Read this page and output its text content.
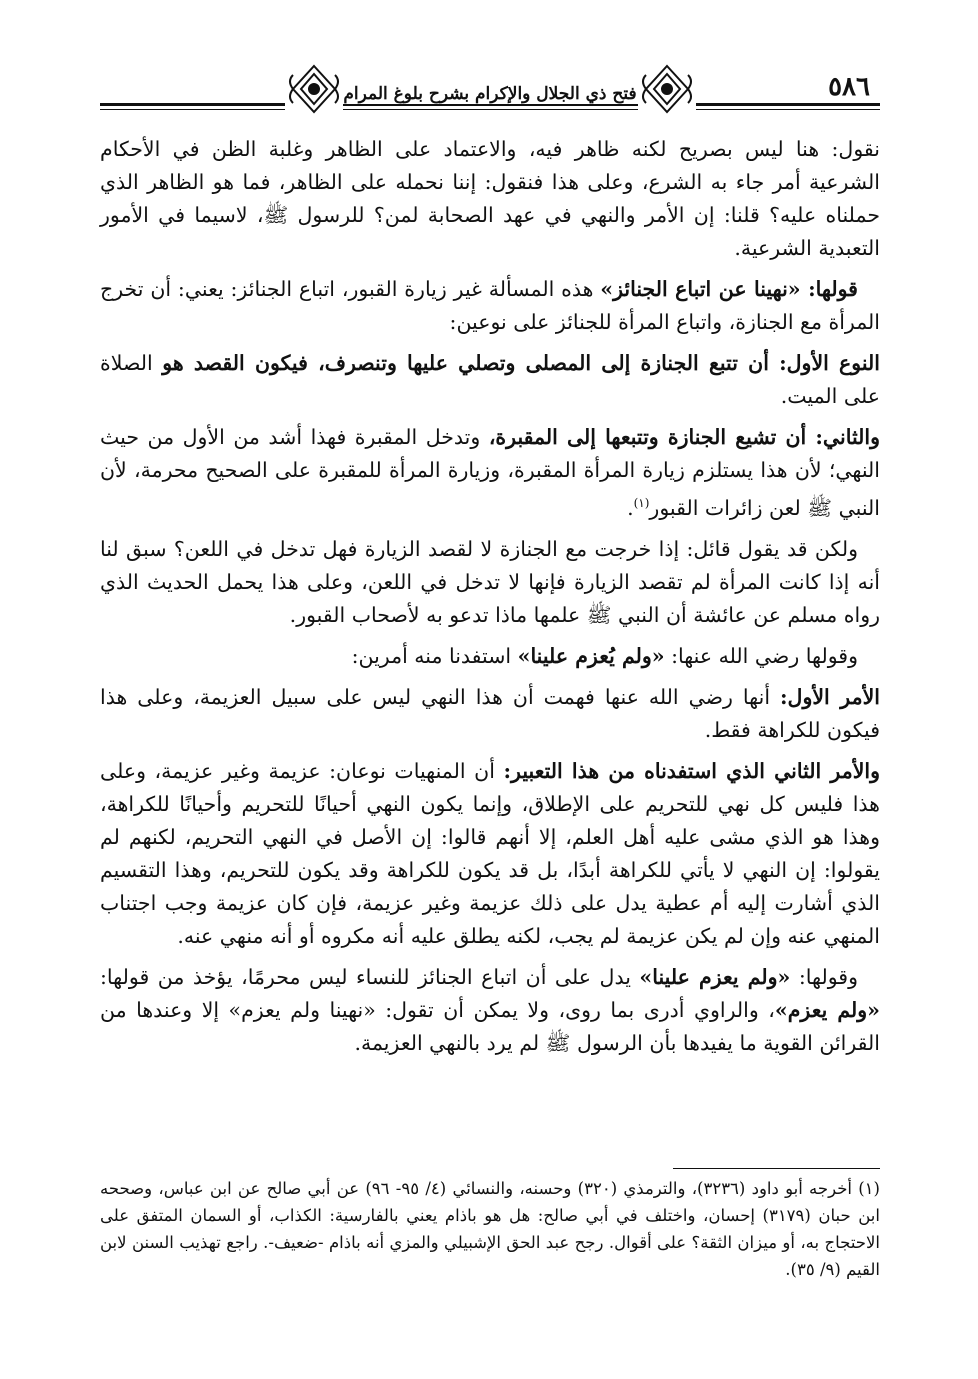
فتح ذي الجلال والإكرام بشرح بلوغ المرام	٥٨٦

نقول: هنا ليس بصريح لكنه ظاهر فيه، والاعتماد على الظاهر وغلبة الظن في الأحكام الشرعية أمر جاء به الشرع، وعلى هذا فنقول: إننا نحمله على الظاهر، فما هو الظاهر الذي حملناه عليه؟ قلنا: إن الأمر والنهي في عهد الصحابة لمن؟ للرسول ﷺ، لاسيما في الأمور التعبدية الشرعية.

قولها: «نهينا عن اتباع الجنائز» هذه المسألة غير زيارة القبور، اتباع الجنائز: يعني: أن تخرج المرأة مع الجنازة، واتباع المرأة للجنائز على نوعين:

النوع الأول: أن تتبع الجنازة إلى المصلى وتصلي عليها وتنصرف، فيكون القصد هو الصلاة على الميت.

والثاني: أن تشيع الجنازة وتتبعها إلى المقبرة، وتدخل المقبرة فهذا أشد من الأول من حيث النهي؛ لأن هذا يستلزم زيارة المرأة المقبرة، وزيارة المرأة للمقبرة على الصحيح محرمة، لأن النبي ﷺ لعن زائرات القبور$^{(١)}$.

ولكن قد يقول قائل: إذا خرجت مع الجنازة لا لقصد الزيارة فهل تدخل في اللعن؟ سبق لنا أنه إذا كانت المرأة لم تقصد الزيارة فإنها لا تدخل في اللعن، وعلى هذا يحمل الحديث الذي رواه مسلم عن عائشة أن النبي ﷺ علمها ماذا تدعو به لأصحاب القبور.

وقولها رضي الله عنها: «ولم يُعزم علينا» استفدنا منه أمرين:

الأمر الأول: أنها رضي الله عنها فهمت أن هذا النهي ليس على سبيل العزيمة، وعلى هذا فيكون للكراهة فقط.

والأمر الثاني الذي استفدناه من هذا التعبير: أن المنهيات نوعان: عزيمة وغير عزيمة، وعلى هذا فليس كل نهي للتحريم على الإطلاق، وإنما يكون النهي أحيانًا للتحريم وأحيانًا للكراهة، وهذا هو الذي مشى عليه أهل العلم، إلا أنهم قالوا: إن الأصل في النهي التحريم، لكنهم لم يقولوا: إن النهي لا يأتي للكراهة أبدًا، بل قد يكون للكراهة وقد يكون للتحريم، وهذا التقسيم الذي أشارت إليه أم عطية يدل على ذلك عزيمة وغير عزيمة، فإن كان عزيمة وجب اجتناب المنهي عنه وإن لم يكن عزيمة لم يجب، لكنه يطلق عليه أنه مكروه أو أنه منهي عنه.

وقولها: «ولم يعزم علينا» يدل على أن اتباع الجنائز للنساء ليس محرمًا، يؤخذ من قولها: «ولم يعزم»، والراوي أدرى بما روى، ولا يمكن أن تقول: «نهينا ولم يعزم» إلا وعندها من القرائن القوية ما يفيدها بأن الرسول ﷺ لم يرد بالنهي العزيمة.

(١) أخرجه أبو داود (٣٢٣٦)، والترمذي (٣٢٠) وحسنه، والنسائي (٤/ ٩٥- ٩٦) عن أبي صالح عن ابن عباس، وصححه ابن حبان (٣١٧٩) إحسان، واختلف في أبي صالح: هل هو باذام يعني بالفارسية: الكذاب، أو السمان المتفق على الاحتجاج به، أو ميزان الثقة؟ على أقوال. رجح عبد الحق الإشبيلي والمزي أنه باذام -ضعيف-. راجع تهذيب السنن لابن القيم (٩/ ٣٥).
